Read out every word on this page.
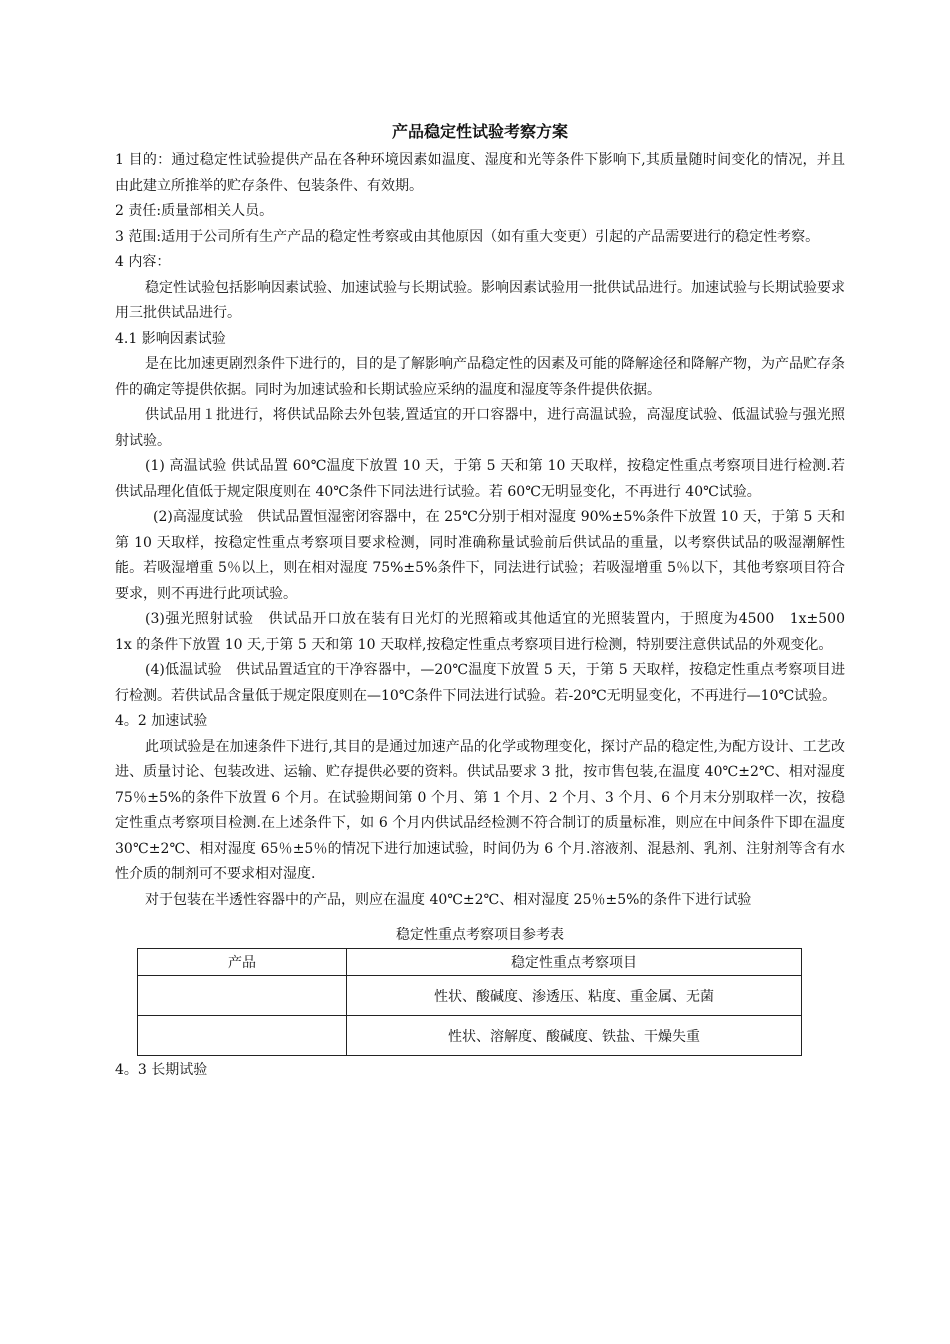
产品稳定性试验考察方案

1 目的：通过稳定性试验提供产品在各种环境因素如温度、湿度和光等条件下影响下,其质量随时间变化的情况，并且由此建立所推举的贮存条件、包装条件、有效期。

2 责任:质量部相关人员。

3 范围:适用于公司所有生产产品的稳定性考察或由其他原因（如有重大变更）引起的产品需要进行的稳定性考察。

4 内容：

稳定性试验包括影响因素试验、加速试验与长期试验。影响因素试验用一批供试品进行。加速试验与长期试验要求用三批供试品进行。

4.1 影响因素试验

是在比加速更剧烈条件下进行的，目的是了解影响产品稳定性的因素及可能的降解途径和降解产物，为产品贮存条件的确定等提供依据。同时为加速试验和长期试验应采纳的温度和湿度等条件提供依据。

供试品用１批进行，将供试品除去外包装,置适宜的开口容器中，进行高温试验，高湿度试验、低温试验与强光照射试验。

(1) 高温试验 供试品置 60℃温度下放置 10 天，于第 5 天和第 10 天取样，按稳定性重点考察项目进行检测.若供试品理化值低于规定限度则在 40℃条件下同法进行试验。若 60℃无明显变化，不再进行 40℃试验。

(2)高湿度试验　供试品置恒湿密闭容器中，在 25℃分别于相对湿度 90%±5%条件下放置 10 天，于第 5 天和第 10 天取样，按稳定性重点考察项目要求检测，同时准确称量试验前后供试品的重量，以考察供试品的吸湿潮解性能。若吸湿增重 5％以上，则在相对湿度 75%±5%条件下，同法进行试验；若吸湿增重 5％以下，其他考察项目符合要求，则不再进行此项试验。

(3)强光照射试验　供试品开口放在装有日光灯的光照箱或其他适宜的光照装置内，于照度为4500　1x±500　1x 的条件下放置 10 天,于第 5 天和第 10 天取样,按稳定性重点考察项目进行检测，特别要注意供试品的外观变化。

(4)低温试验　供试品置适宜的干净容器中，—20℃温度下放置 5 天，于第 5 天取样，按稳定性重点考察项目进行检测。若供试品含量低于规定限度则在—10℃条件下同法进行试验。若-20℃无明显变化，不再进行—10℃试验。

4。2 加速试验

此项试验是在加速条件下进行,其目的是通过加速产品的化学或物理变化，探讨产品的稳定性,为配方设计、工艺改进、质量讨论、包装改进、运输、贮存提供必要的资料。供试品要求 3 批，按市售包装,在温度 40℃±2℃、相对湿度 75％±5%的条件下放置 6 个月。在试验期间第 0 个月、第 1 个月、2 个月、3 个月、6 个月末分别取样一次，按稳定性重点考察项目检测.在上述条件下，如 6 个月内供试品经检测不符合制订的质量标准，则应在中间条件下即在温度 30℃±2℃、相对湿度 65％±5％的情况下进行加速试验，时间仍为 6 个月.溶液剂、混悬剂、乳剂、注射剂等含有水性介质的制剂可不要求相对湿度.

对于包装在半透性容器中的产品，则应在温度 40℃±2℃、相对湿度 25％±5%的条件下进行试验

稳定性重点考察项目参考表
产品	稳定性重点考察项目
	性状、酸碱度、渗透压、粘度、重金属、无菌
	性状、溶解度、酸碱度、铁盐、干燥失重

4。3 长期试验
